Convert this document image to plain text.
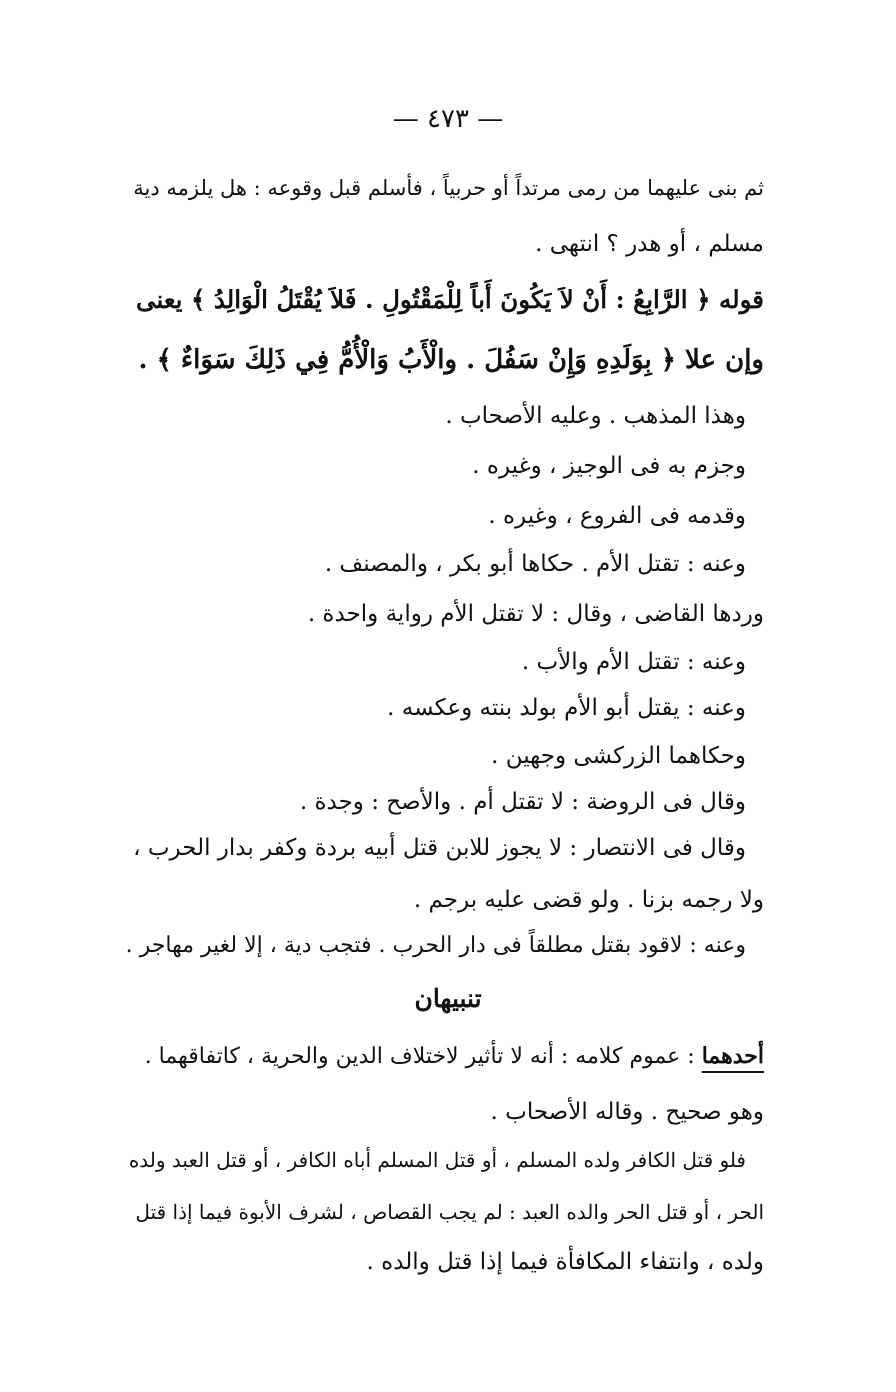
— ٤٧٣ —
ثم بنى عليهما من رمى مرتداً أو حربياً ، فأسلم قبل وقوعه : هل يلزمه دية
مسلم ، أو هدر ؟ انتهى .
قوله ﴿ الرَّابِعُ : أَنْ لاَ يَكُونَ أَباً لِلْمَقْتُولِ . فَلاَ يُقْتَلُ الْوَالِدُ ﴾ يعنى
وإن علا ﴿ بِوَلَدِهِ وَإِنْ سَفُلَ . والْأَبُ وَالْأُمُّ فِي ذَلِكَ سَوَاءٌ ﴾ .
وهذا المذهب . وعليه الأصحاب .
وجزم به فى الوجيز ، وغيره .
وقدمه فى الفروع ، وغيره .
وعنه : تقتل الأم . حكاها أبو بكر ، والمصنف .
وردها القاضى ، وقال : لا تقتل الأم رواية واحدة .
وعنه : تقتل الأم والأب .
وعنه : يقتل أبو الأم بولد بنته وعكسه .
وحكاهما الزركشى وجهين .
وقال فى الروضة : لا تقتل أم . والأصح : وجدة .
وقال فى الانتصار : لا يجوز للابن قتل أبيه بردة وكفر بدار الحرب ،
ولا رجمه بزنا . ولو قضى عليه برجم .
وعنه : لاقود بقتل مطلقاً فى دار الحرب . فتجب دية ، إلا لغير مهاجر .
تنبيهان
أحدهما : عموم كلامه : أنه لا تأثير لاختلاف الدين والحرية ، كاتفاقهما .
وهو صحيح . وقاله الأصحاب .
فلو قتل الكافر ولده المسلم ، أو قتل المسلم أباه الكافر ، أو قتل العبد ولده
الحر ، أو قتل الحر والده العبد : لم يجب القصاص ، لشرف الأبوة فيما إذا قتل
ولده ، وانتفاء المكافأة فيما إذا قتل والده .
